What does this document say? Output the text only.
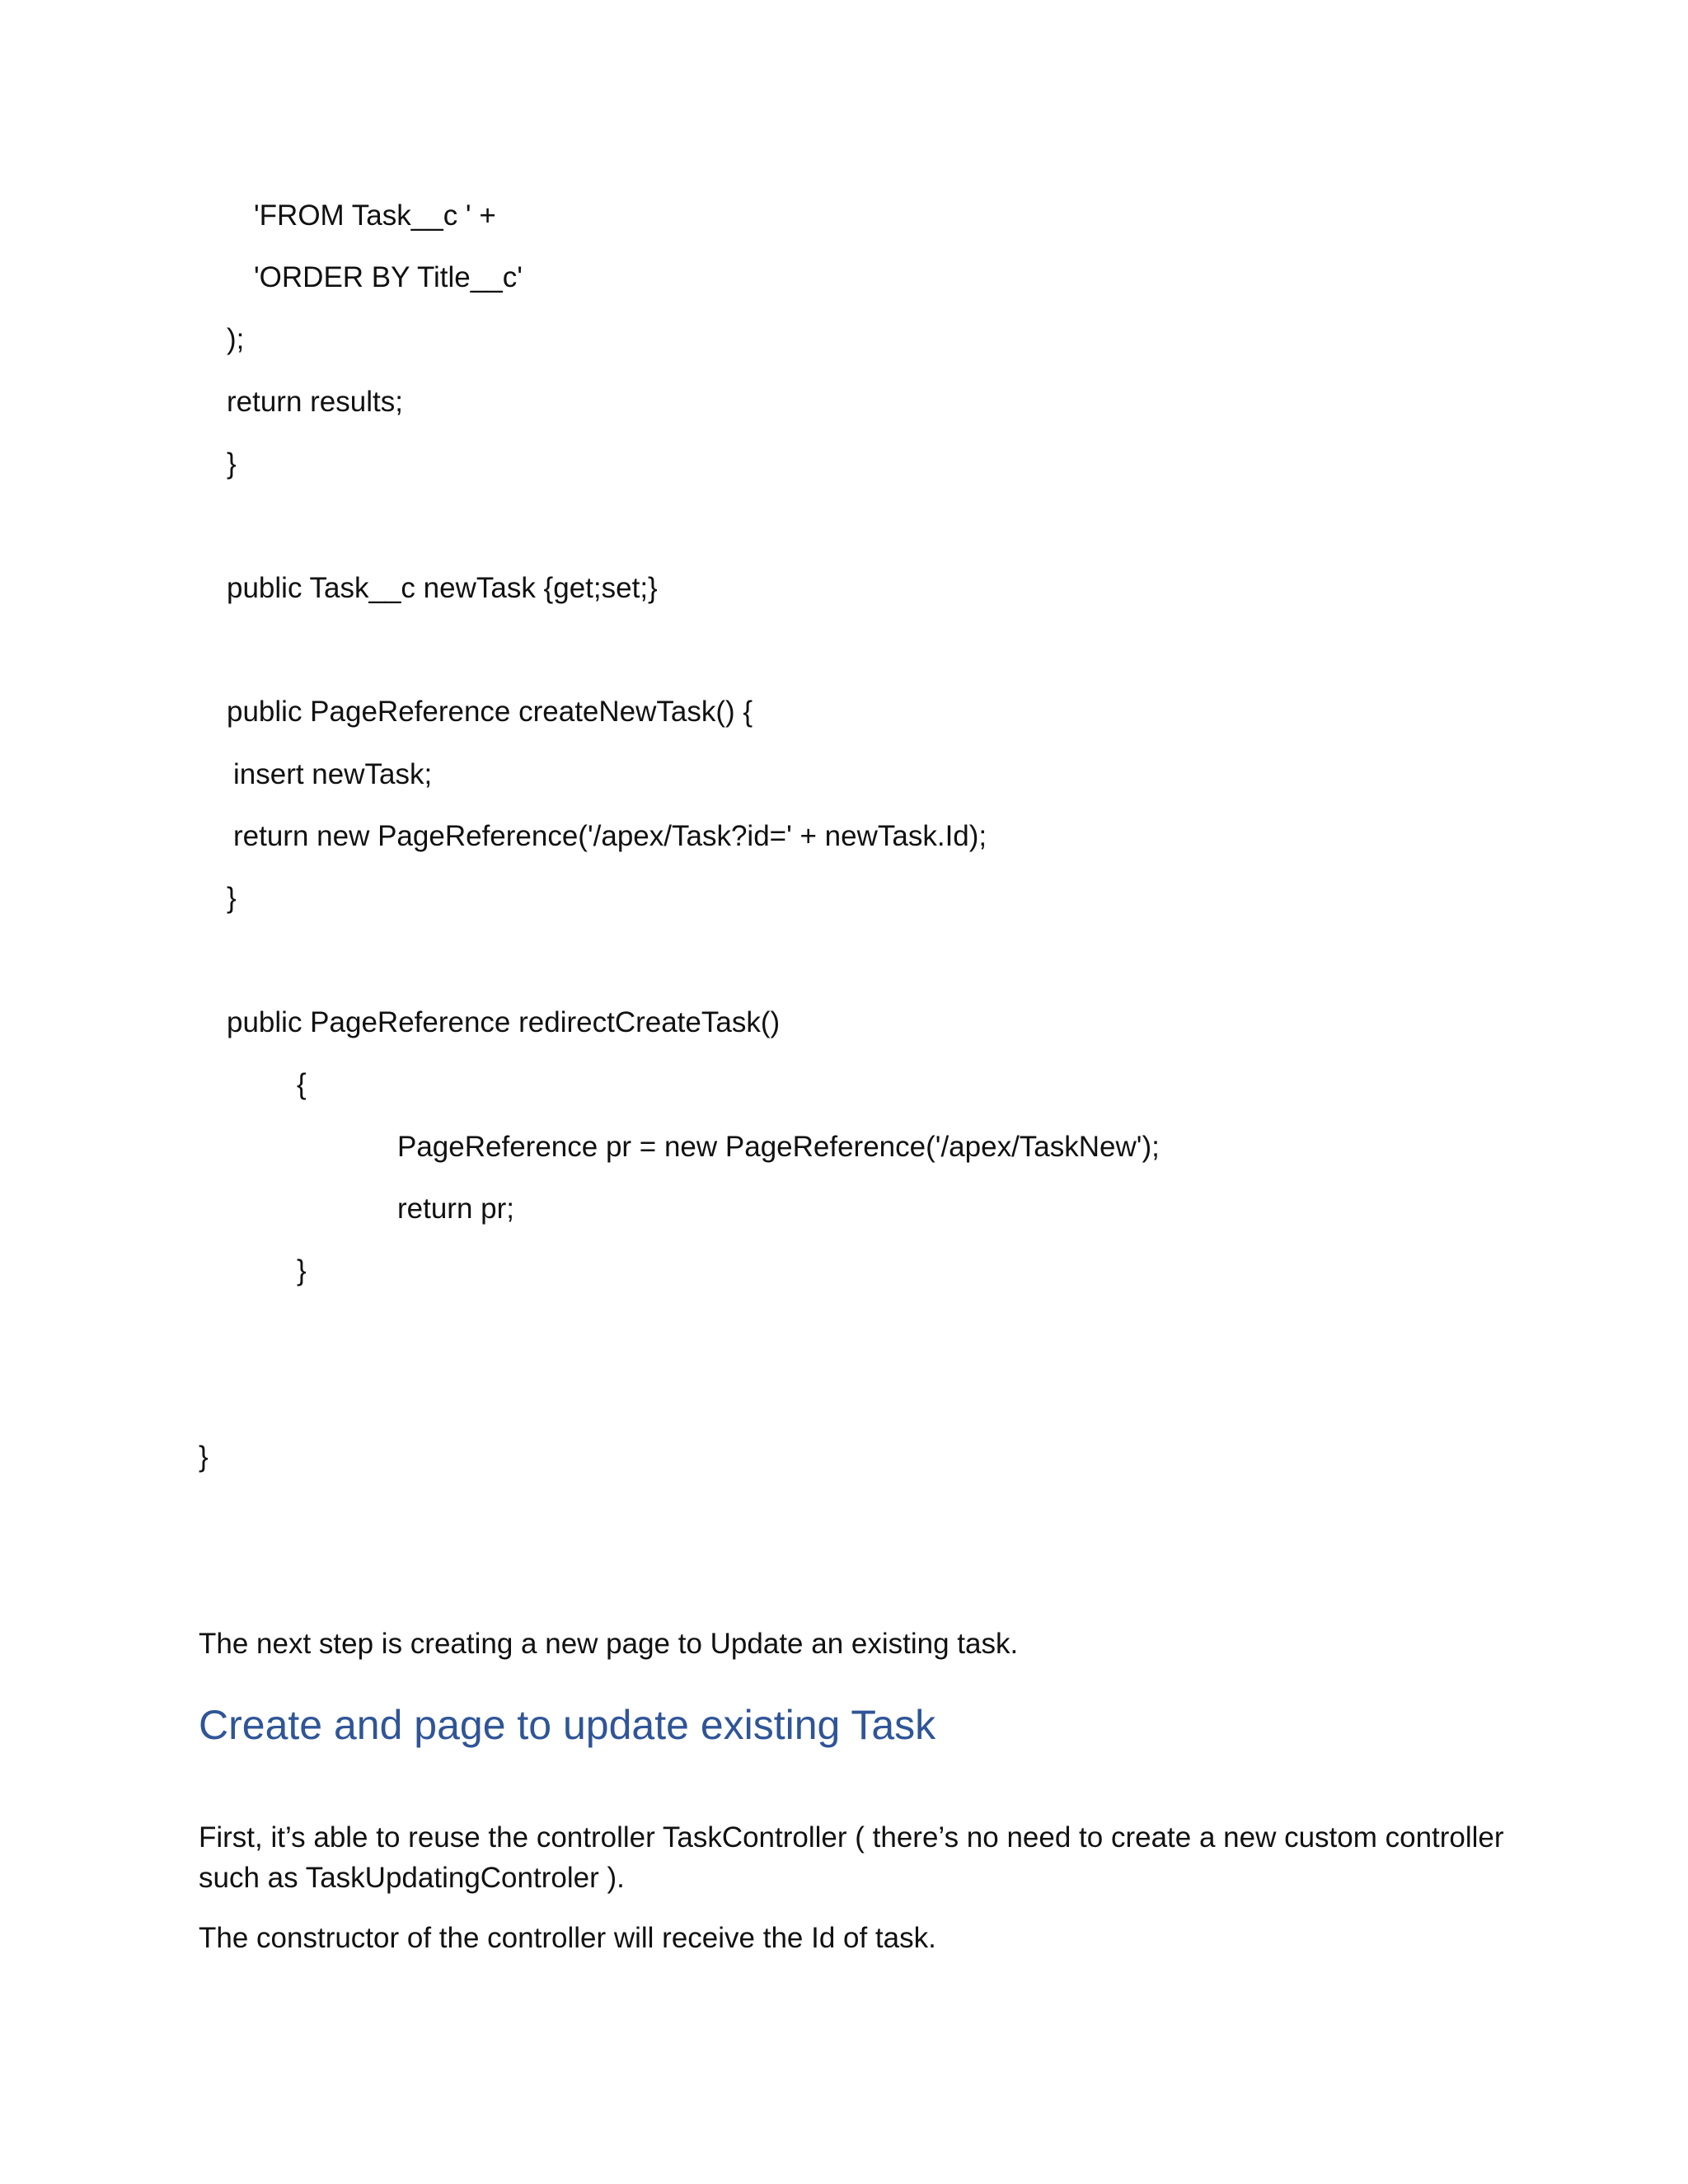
'FROM Task__c ' +
'ORDER BY Title__c'
);
return results;
}
public Task__c newTask {get;set;}
public PageReference createNewTask() {
insert newTask;
return new PageReference('/apex/Task?id=' + newTask.Id);
}
public PageReference redirectCreateTask()
{
PageReference pr = new PageReference('/apex/TaskNew');
return pr;
}
}
The next step is creating a new page to Update an existing task.
Create and page to update existing Task
First, it’s able to reuse the controller TaskController ( there’s no need to create a new custom controller such as TaskUpdatingControler ).
The constructor of the controller will receive the Id of task.
